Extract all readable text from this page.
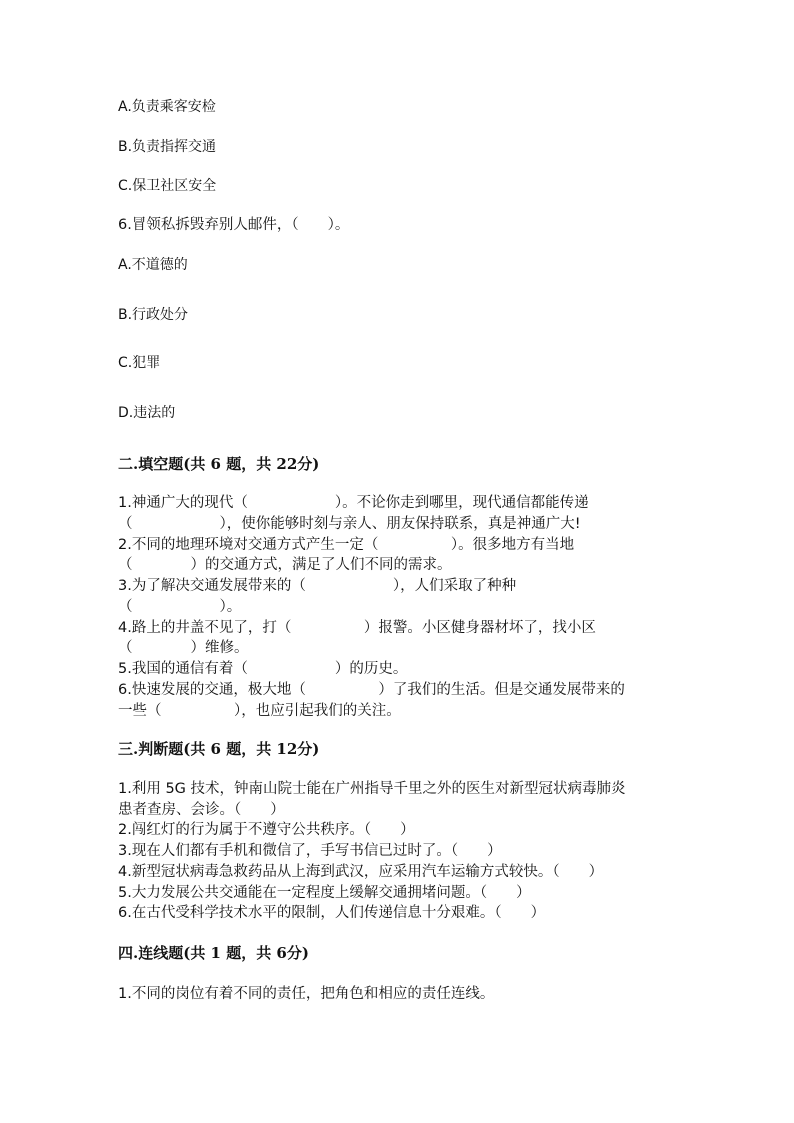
A.负责乘客安检
B.负责指挥交通
C.保卫社区安全
6.冒领私拆毁弃别人邮件，（　　）。
A.不道德的
B.行政处分
C.犯罪
D.违法的
二.填空题(共 6 题，共 22分)
1.神通广大的现代（　　　　　　）。不论你走到哪里，现代通信都能传递
（　　　　　　），使你能够时刻与亲人、朋友保持联系，真是神通广大!
2.不同的地理环境对交通方式产生一定（　　　　　）。很多地方有当地
（　　　　）的交通方式，满足了人们不同的需求。
3.为了解决交通发展带来的（　　　　　　），人们采取了种种
（　　　　　　）。
4.路上的井盖不见了，打（　　　　　）报警。小区健身器材坏了，找小区
（　　　　）维修。
5.我国的通信有着（　　　　　　）的历史。
6.快速发展的交通，极大地（　　　　　）了我们的生活。但是交通发展带来的
一些（　　　　　），也应引起我们的关注。
三.判断题(共 6 题，共 12分)
1.利用 5G 技术，钟南山院士能在广州指导千里之外的医生对新型冠状病毒肺炎
患者查房、会诊。（　　）
2.闯红灯的行为属于不遵守公共秩序。（　　）
3.现在人们都有手机和微信了，手写书信已过时了。（　　）
4.新型冠状病毒急救药品从上海到武汉，应采用汽车运输方式较快。（　　）
5.大力发展公共交通能在一定程度上缓解交通拥堵问题。（　　）
6.在古代受科学技术水平的限制，人们传递信息十分艰难。（　　）
四.连线题(共 1 题，共 6分)
1.不同的岗位有着不同的责任，把角色和相应的责任连线。
